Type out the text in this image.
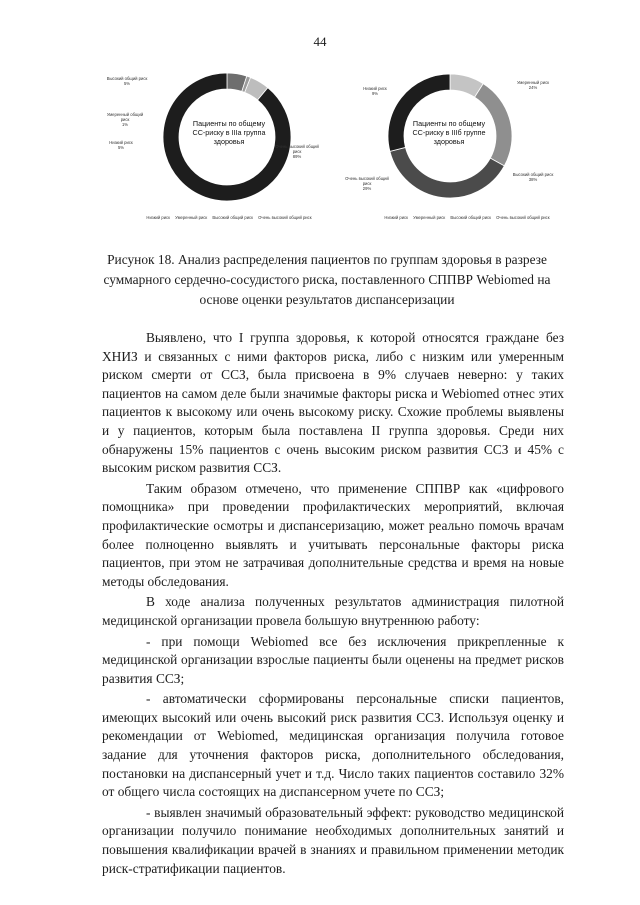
44
Пациенты по общему СС-риску в IIIа группа здоровья
Высокий общий риск
5%
Умеренный общий риск
1%
Низкий риск
5%	Очень высокий общий риск
89%
Низкий риск Умеренный риск Высокий общий риск Очень высокий общий риск
Пациенты по общему СС-риску в IIIб группе здоровья
Низкий риск
9%
Умеренный риск
24%
Высокий общий риск
38%
Очень высокий общий риск
29%
Низкий риск Умеренный риск Высокий общий риск Очень высокий общий риск
Рисунок 18. Анализ распределения пациентов по группам здоровья в разрезе суммарного сердечно-сосудистого риска, поставленного СППВР Webiomed на основе оценки результатов диспансеризации

Выявлено, что I группа здоровья, к которой относятся граждане без ХНИЗ и связанных с ними факторов риска, либо с низким или умеренным риском смерти от ССЗ, была присвоена в 9% случаев неверно: у таких пациентов на самом деле были значимые факторы риска и Webiomed отнес этих пациентов к высокому или очень высокому риску. Схожие проблемы выявлены и у пациентов, которым была поставлена II группа здоровья. Среди них обнаружены 15% пациентов с очень высоким риском развития ССЗ и 45% с высоким риском развития ССЗ.

Таким образом отмечено, что применение СППВР как «цифрового помощника» при проведении профилактических мероприятий, включая профилактические осмотры и диспансеризацию, может реально помочь врачам более полноценно выявлять и учитывать персональные факторы риска пациентов, при этом не затрачивая дополнительные средства и время на новые методы обследования.

В ходе анализа полученных результатов администрация пилотной медицинской организации провела большую внутреннюю работу:

- при помощи Webiomed все без исключения прикрепленные к медицинской организации взрослые пациенты были оценены на предмет рисков развития ССЗ;

- автоматически сформированы персональные списки пациентов, имеющих высокий или очень высокий риск развития ССЗ. Используя оценку и рекомендации от Webiomed, медицинская организация получила готовое задание для уточнения факторов риска, дополнительного обследования, постановки на диспансерный учет и т.д. Число таких пациентов составило 32% от общего числа состоящих на диспансерном учете по ССЗ;

- выявлен значимый образовательный эффект: руководство медицинской организации получило понимание необходимых дополнительных занятий и повышения квалификации врачей в знаниях и правильном применении методик риск-стратификации пациентов.
